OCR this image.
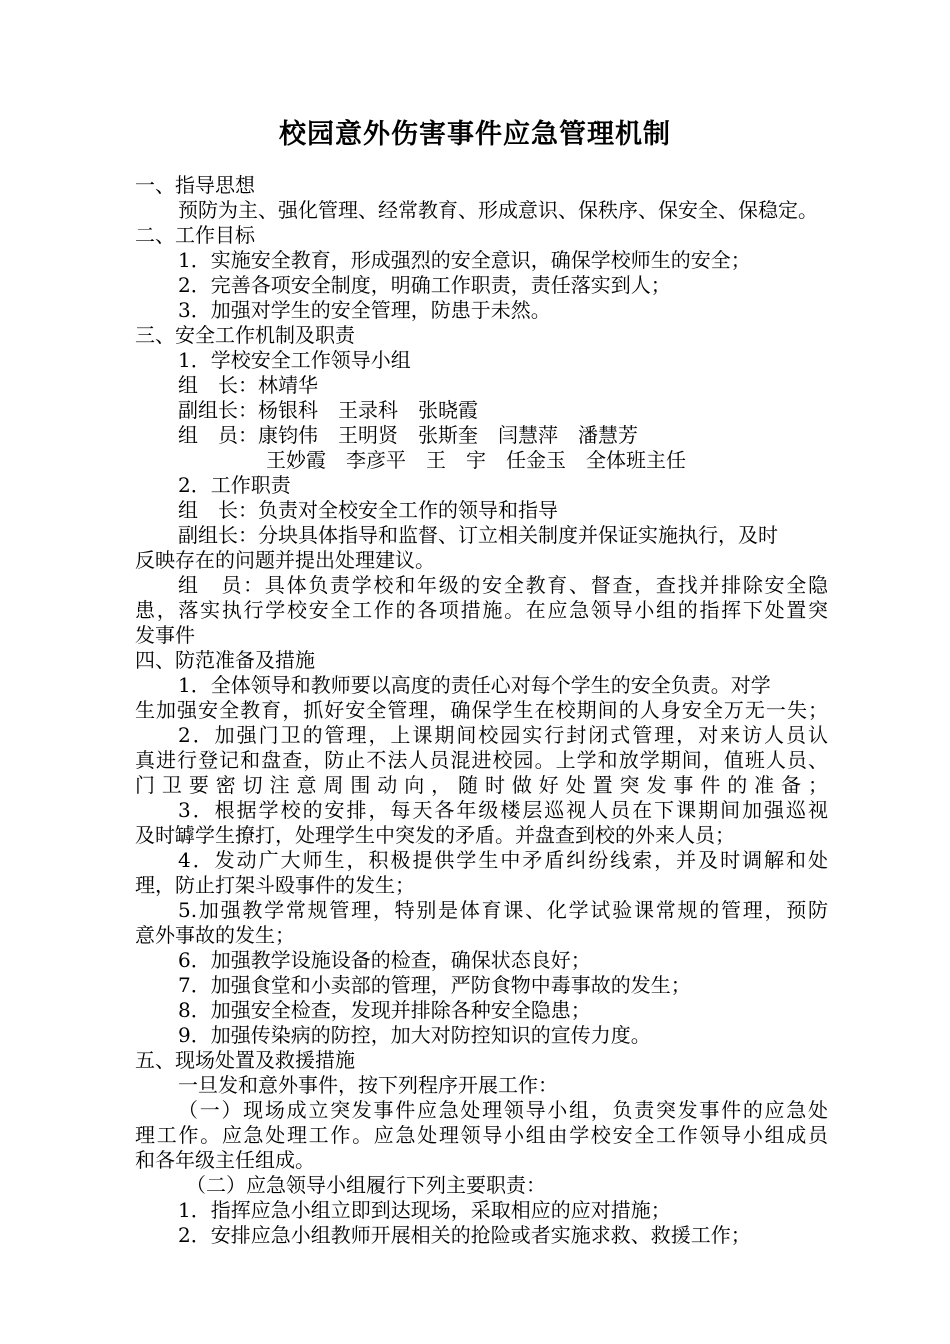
校园意外伤害事件应急管理机制
一、指导思想
预防为主、强化管理、经常教育、形成意识、保秩序、保安全、保稳定。
二、工作目标
1．实施安全教育，形成强烈的安全意识，确保学校师生的安全；
2．完善各项安全制度，明确工作职责，责任落实到人；
3．加强对学生的安全管理，防患于未然。
三、安全工作机制及职责
1．学校安全工作领导小组
组　长：林靖华
副组长：杨银科　王录科　张晓霞
组　员：康钧伟　王明贤　张斯奎　闫慧萍　潘慧芳
王妙霞　李彦平　王　宇　任金玉　全体班主任
2．工作职责
组　长：负责对全校安全工作的领导和指导
副组长：分块具体指导和监督、订立相关制度并保证实施执行，及时
反映存在的问题并提出处理建议。
组　员：具体负责学校和年级的安全教育、督查，查找并排除安全隐
患，落实执行学校安全工作的各项措施。在应急领导小组的指挥下处置突
发事件
四、防范准备及措施
1．全体领导和教师要以高度的责任心对每个学生的安全负责。对学
生加强安全教育，抓好安全管理，确保学生在校期间的人身安全万无一失；
2．加强门卫的管理，上课期间校园实行封闭式管理，对来访人员认
真进行登记和盘查，防止不法人员混进校园。上学和放学期间，值班人员、
门卫要密切注意周围动向，随时做好处置突发事件的准备；
3．根据学校的安排，每天各年级楼层巡视人员在下课期间加强巡视
及时罅学生撩打，处理学生中突发的矛盾。并盘查到校的外来人员；
4．发动广大师生，积极提供学生中矛盾纠纷线索，并及时调解和处
理，防止打架斗殴事件的发生；
5.加强教学常规管理，特别是体育课、化学试验课常规的管理，预防
意外事故的发生；
6．加强教学设施设备的检查，确保状态良好；
7．加强食堂和小卖部的管理，严防食物中毒事故的发生；
8．加强安全检查，发现并排除各种安全隐患；
9．加强传染病的防控，加大对防控知识的宣传力度。
五、现场处置及救援措施
一旦发和意外事件，按下列程序开展工作：
（一）现场成立突发事件应急处理领导小组，负责突发事件的应急处
理工作。应急处理工作。应急处理领导小组由学校安全工作领导小组成员
和各年级主任组成。
（二）应急领导小组履行下列主要职责：
1．指挥应急小组立即到达现场，采取相应的应对措施；
2．安排应急小组教师开展相关的抢险或者实施求救、救援工作；
